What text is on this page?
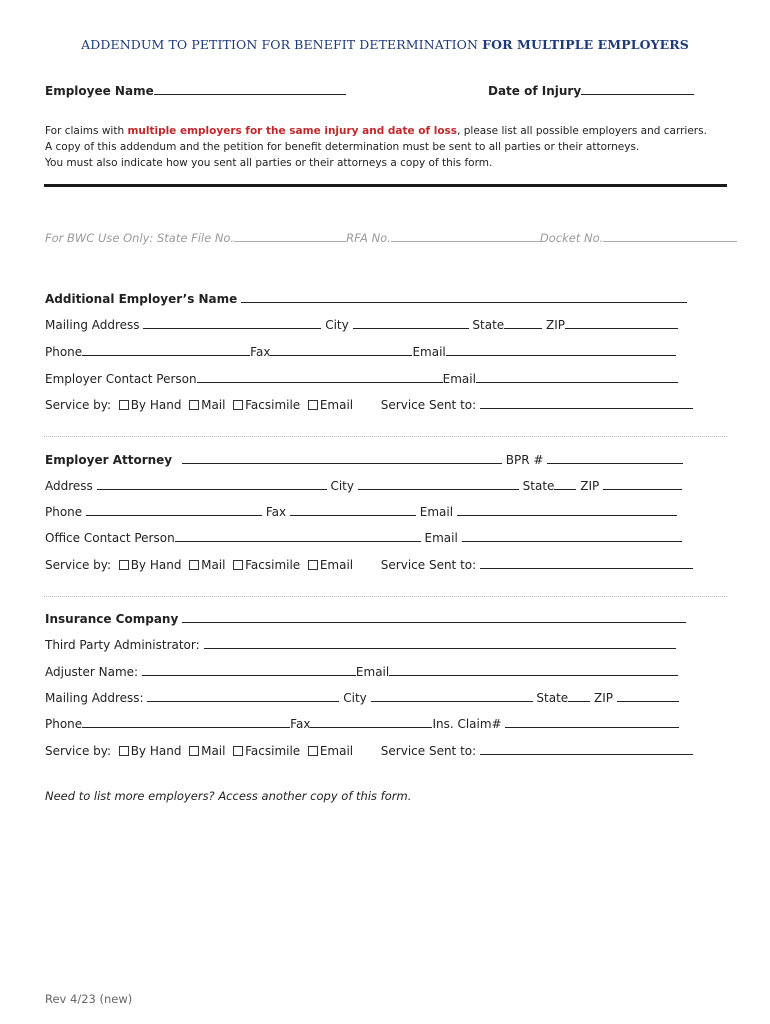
ADDENDUM TO PETITION FOR BENEFIT DETERMINATION FOR MULTIPLE EMPLOYERS
Employee Name	Date of Injury
For claims with multiple employers for the same injury and date of loss, please list all possible employers and carriers.
A copy of this addendum and the petition for benefit determination must be sent to all parties or their attorneys.
You must also indicate how you sent all parties or their attorneys a copy of this form.
For BWC Use Only: State File No.	RFA No.	Docket No.
Additional Employer’s Name
Mailing Address	City	State	ZIP
Phone	Fax	Email
Employer Contact Person	Email
Service by: By Hand Mail Facsimile Email Service Sent to:
Employer Attorney	BPR #
Address	City	State ZIP
Phone	Fax	Email
Office Contact Person	Email
Service by: By Hand Mail Facsimile Email Service Sent to:
Insurance Company
Third Party Administrator:
Adjuster Name:	Email
Mailing Address:	City	State ZIP
Phone	Fax	Ins. Claim#
Service by: By Hand Mail Facsimile Email Service Sent to:
Need to list more employers? Access another copy of this form.
Rev 4/23 (new)
